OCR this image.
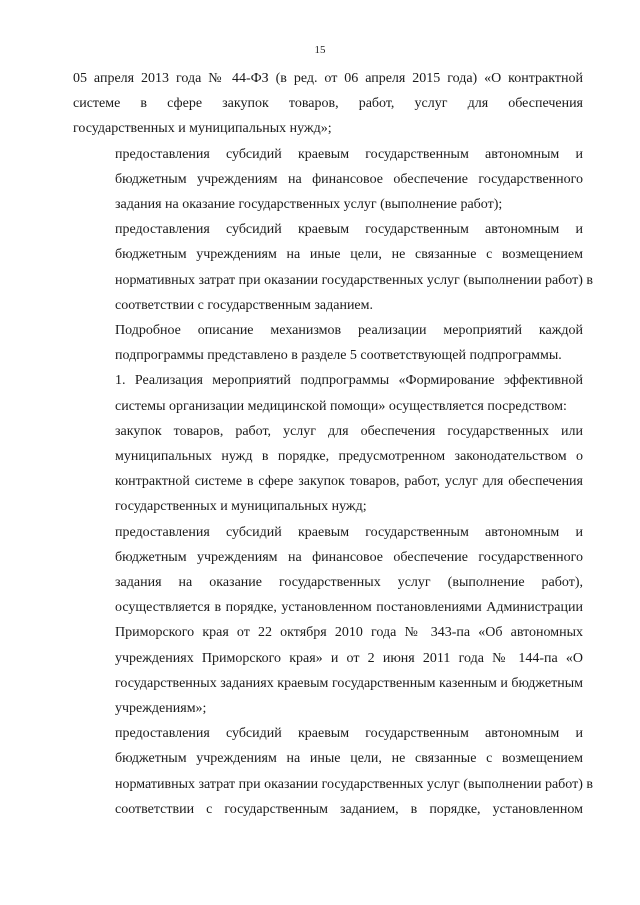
15

05 апреля 2013 года № 44-ФЗ (в ред. от 06 апреля 2015 года) «О контрактной
системе в сфере закупок товаров, работ, услуг для обеспечения
государственных и муниципальных нужд»;

предоставления субсидий краевым государственным автономным и
бюджетным учреждениям на финансовое обеспечение государственного
задания на оказание государственных услуг (выполнение работ);

предоставления субсидий краевым государственным автономным и
бюджетным учреждениям на иные цели, не связанные с возмещением
нормативных затрат при оказании государственных услуг (выполнении работ) в
соответствии с государственным заданием.

Подробное описание механизмов реализации мероприятий каждой
подпрограммы представлено в разделе 5 соответствующей подпрограммы.

1. Реализация мероприятий подпрограммы «Формирование эффективной
системы организации медицинской помощи» осуществляется посредством:

закупок товаров, работ, услуг для обеспечения государственных или
муниципальных нужд в порядке, предусмотренном законодательством о
контрактной системе в сфере закупок товаров, работ, услуг для обеспечения
государственных и муниципальных нужд;

предоставления субсидий краевым государственным автономным и
бюджетным учреждениям на финансовое обеспечение государственного
задания на оказание государственных услуг (выполнение работ),
осуществляется в порядке, установленном постановлениями Администрации
Приморского края от 22 октября 2010 года № 343-па «Об автономных
учреждениях Приморского края» и от 2 июня 2011 года № 144-па «О
государственных заданиях краевым государственным казенным и бюджетным
учреждениям»;

предоставления субсидий краевым государственным автономным и
бюджетным учреждениям на иные цели, не связанные с возмещением
нормативных затрат при оказании государственных услуг (выполнении работ) в
соответствии с государственным заданием, в порядке, установленном
